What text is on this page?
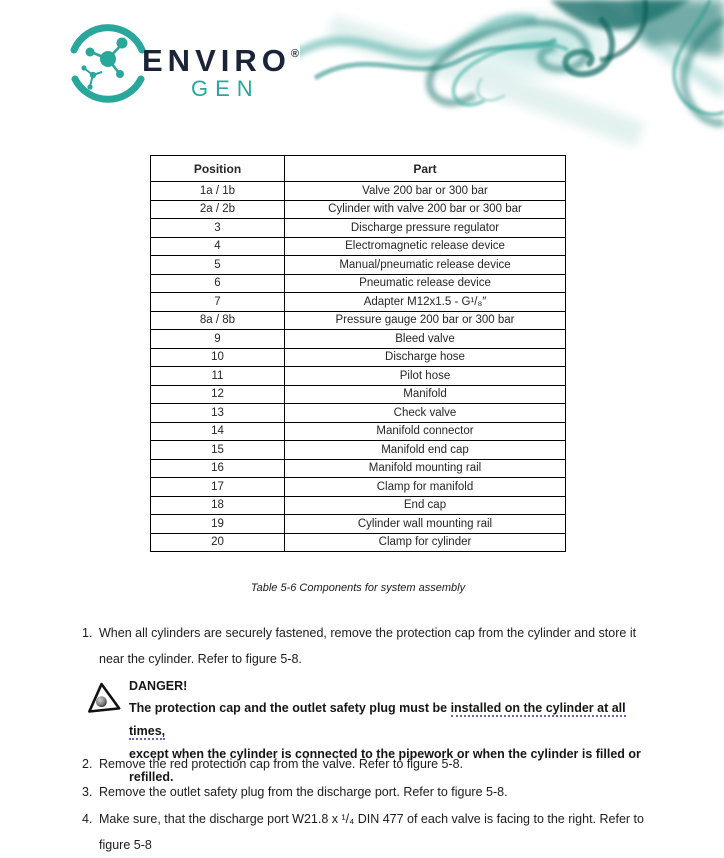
ENVIRO®
GEN
Position	Part
1a / 1b	Valve 200 bar or 300 bar
2a / 2b	Cylinder with valve 200 bar or 300 bar
3	Discharge pressure regulator
4	Electromagnetic release device
5	Manual/pneumatic release device
6	Pneumatic release device
7	Adapter M12x1.5 - G¹/₈″
8a / 8b	Pressure gauge 200 bar or 300 bar
9	Bleed valve
10	Discharge hose
11	Pilot hose
12	Manifold
13	Check valve
14	Manifold connector
15	Manifold end cap
16	Manifold mounting rail
17	Clamp for manifold
18	End cap
19	Cylinder wall mounting rail
20	Clamp for cylinder
Table 5-6 Components for system assembly
1. When all cylinders are securely fastened, remove the protection cap from the cylinder and store it near the cylinder. Refer to figure 5-8.
DANGER!
The protection cap and the outlet safety plug must be installed on the cylinder at all times,
except when the cylinder is connected to the pipework or when the cylinder is filled or refilled.
2. Remove the red protection cap from the valve. Refer to figure 5-8.
3. Remove the outlet safety plug from the discharge port. Refer to figure 5-8.
4. Make sure, that the discharge port W21.8 x ¹/₄ DIN 477 of each valve is facing to the right. Refer to figure 5-8
